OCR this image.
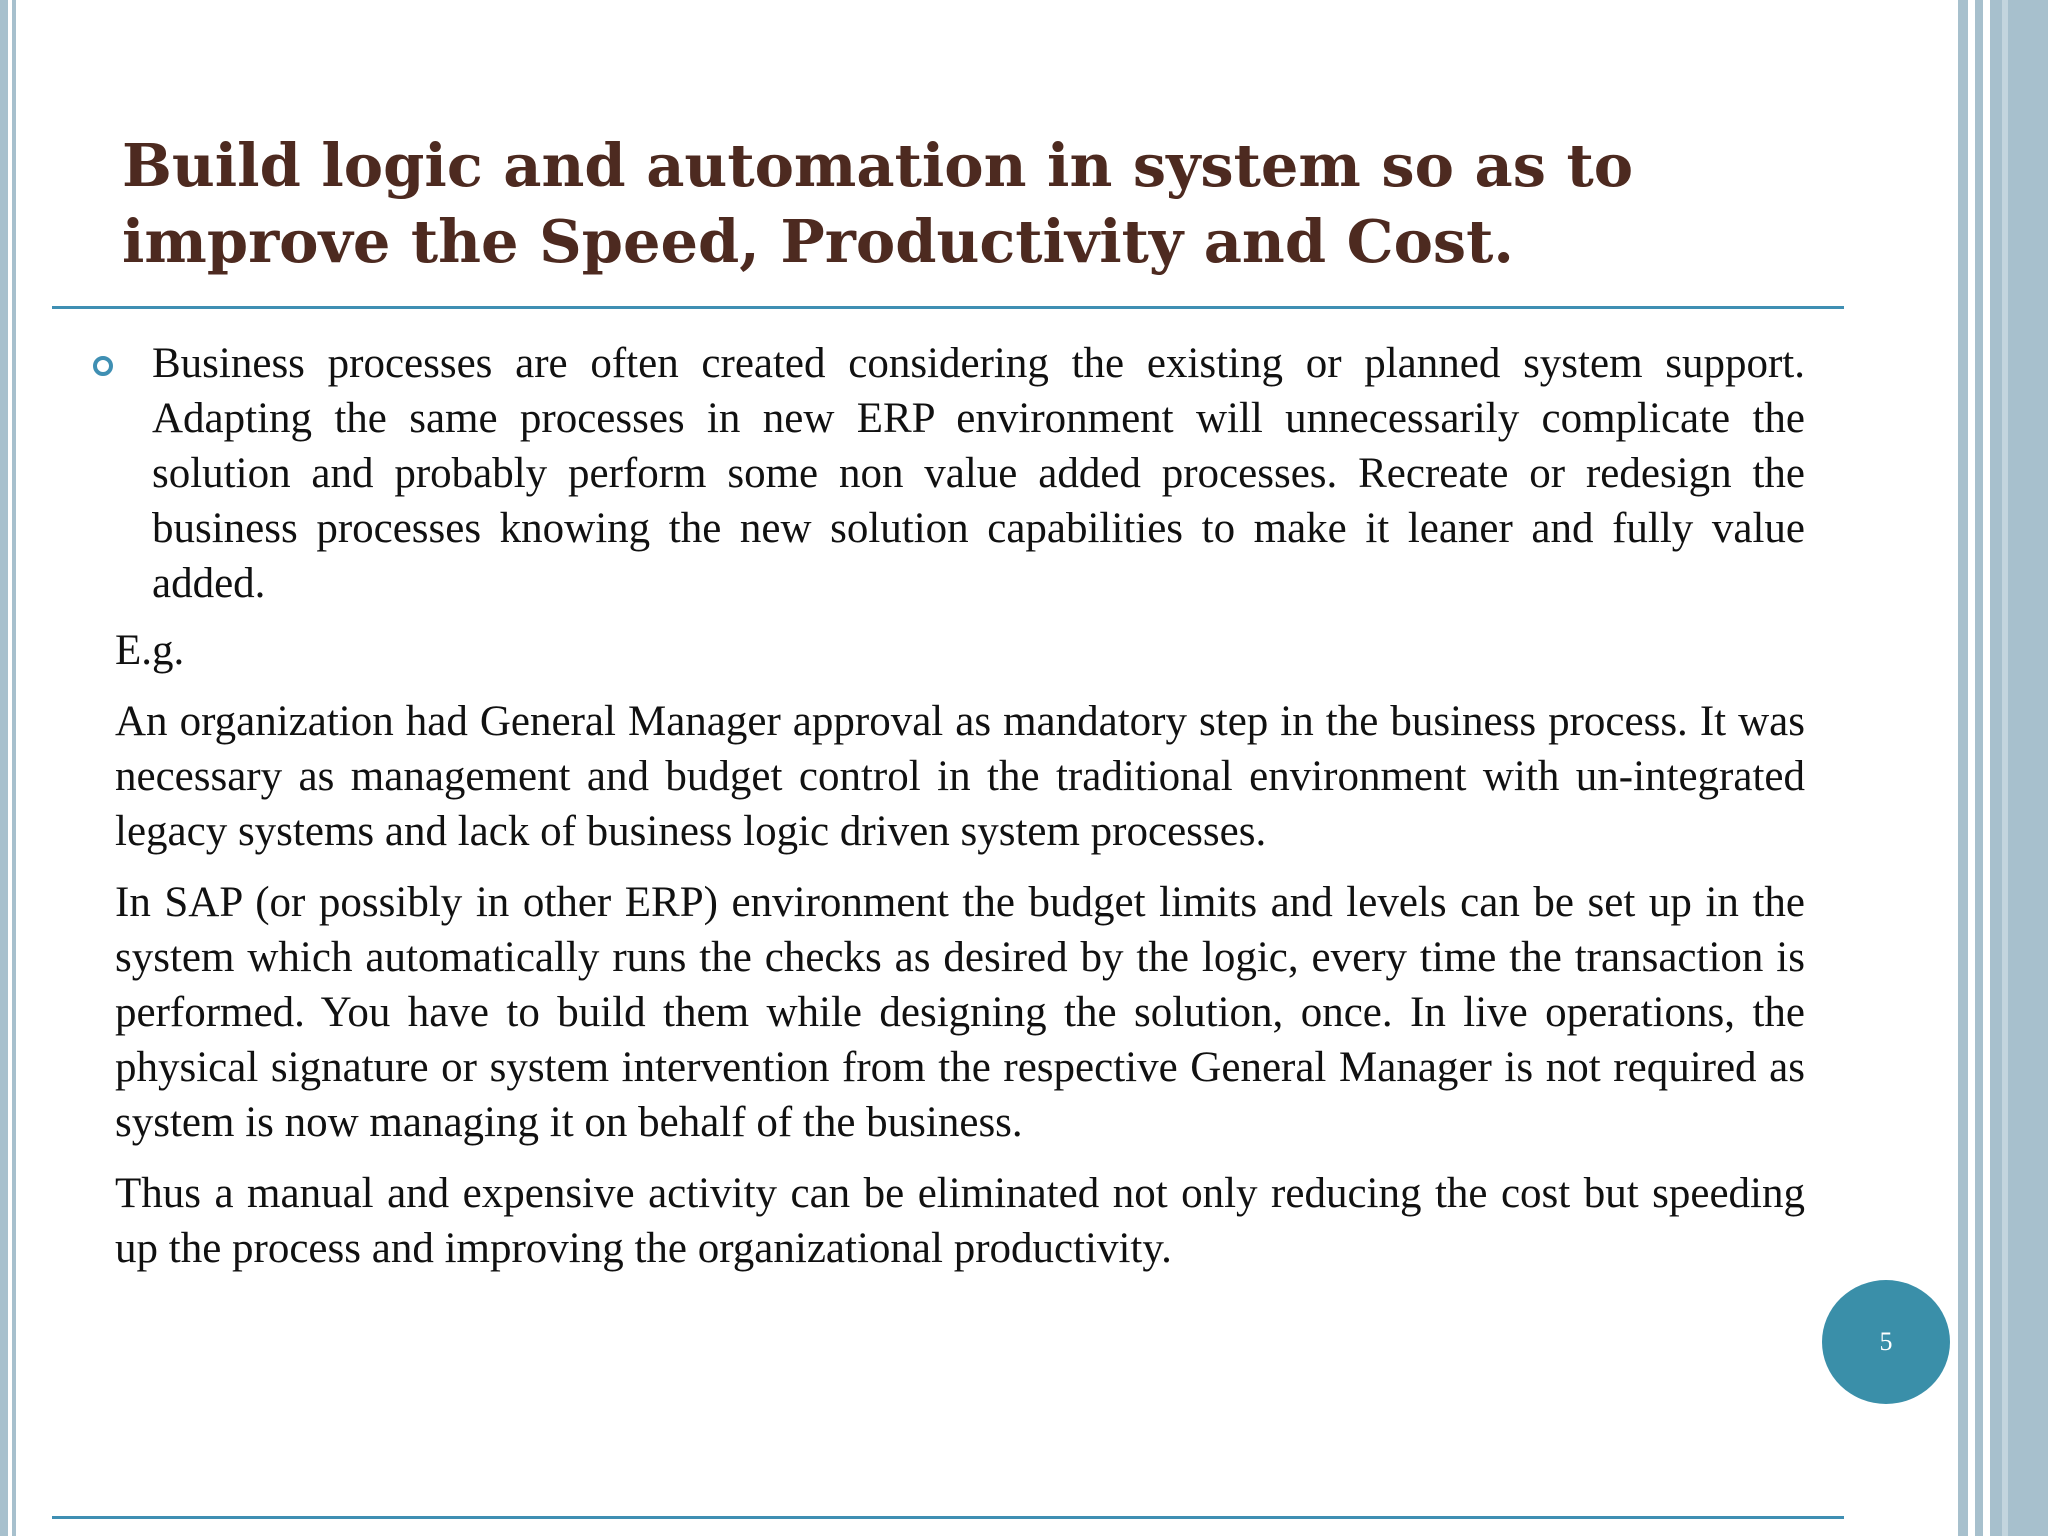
Build logic and automation in system so as to improve the Speed, Productivity and Cost.

Business processes are often created considering the existing or planned system support. Adapting the same processes in new ERP environment will unnecessarily complicate the solution and probably perform some non value added processes. Recreate or redesign the business processes knowing the new solution capabilities to make it leaner and fully value added.

E.g.

An organization had General Manager approval as mandatory step in the business process. It was necessary as management and budget control in the traditional environment with un-integrated legacy systems and lack of business logic driven system processes.

In SAP (or possibly in other ERP) environment the budget limits and levels can be set up in the system which automatically runs the checks as desired by the logic, every time the transaction is performed. You have to build them while designing the solution, once. In live operations, the physical signature or system intervention from the respective General Manager is not required as system is now managing it on behalf of the business.

Thus a manual and expensive activity can be eliminated not only reducing the cost but speeding up the process and improving the organizational productivity.

5
